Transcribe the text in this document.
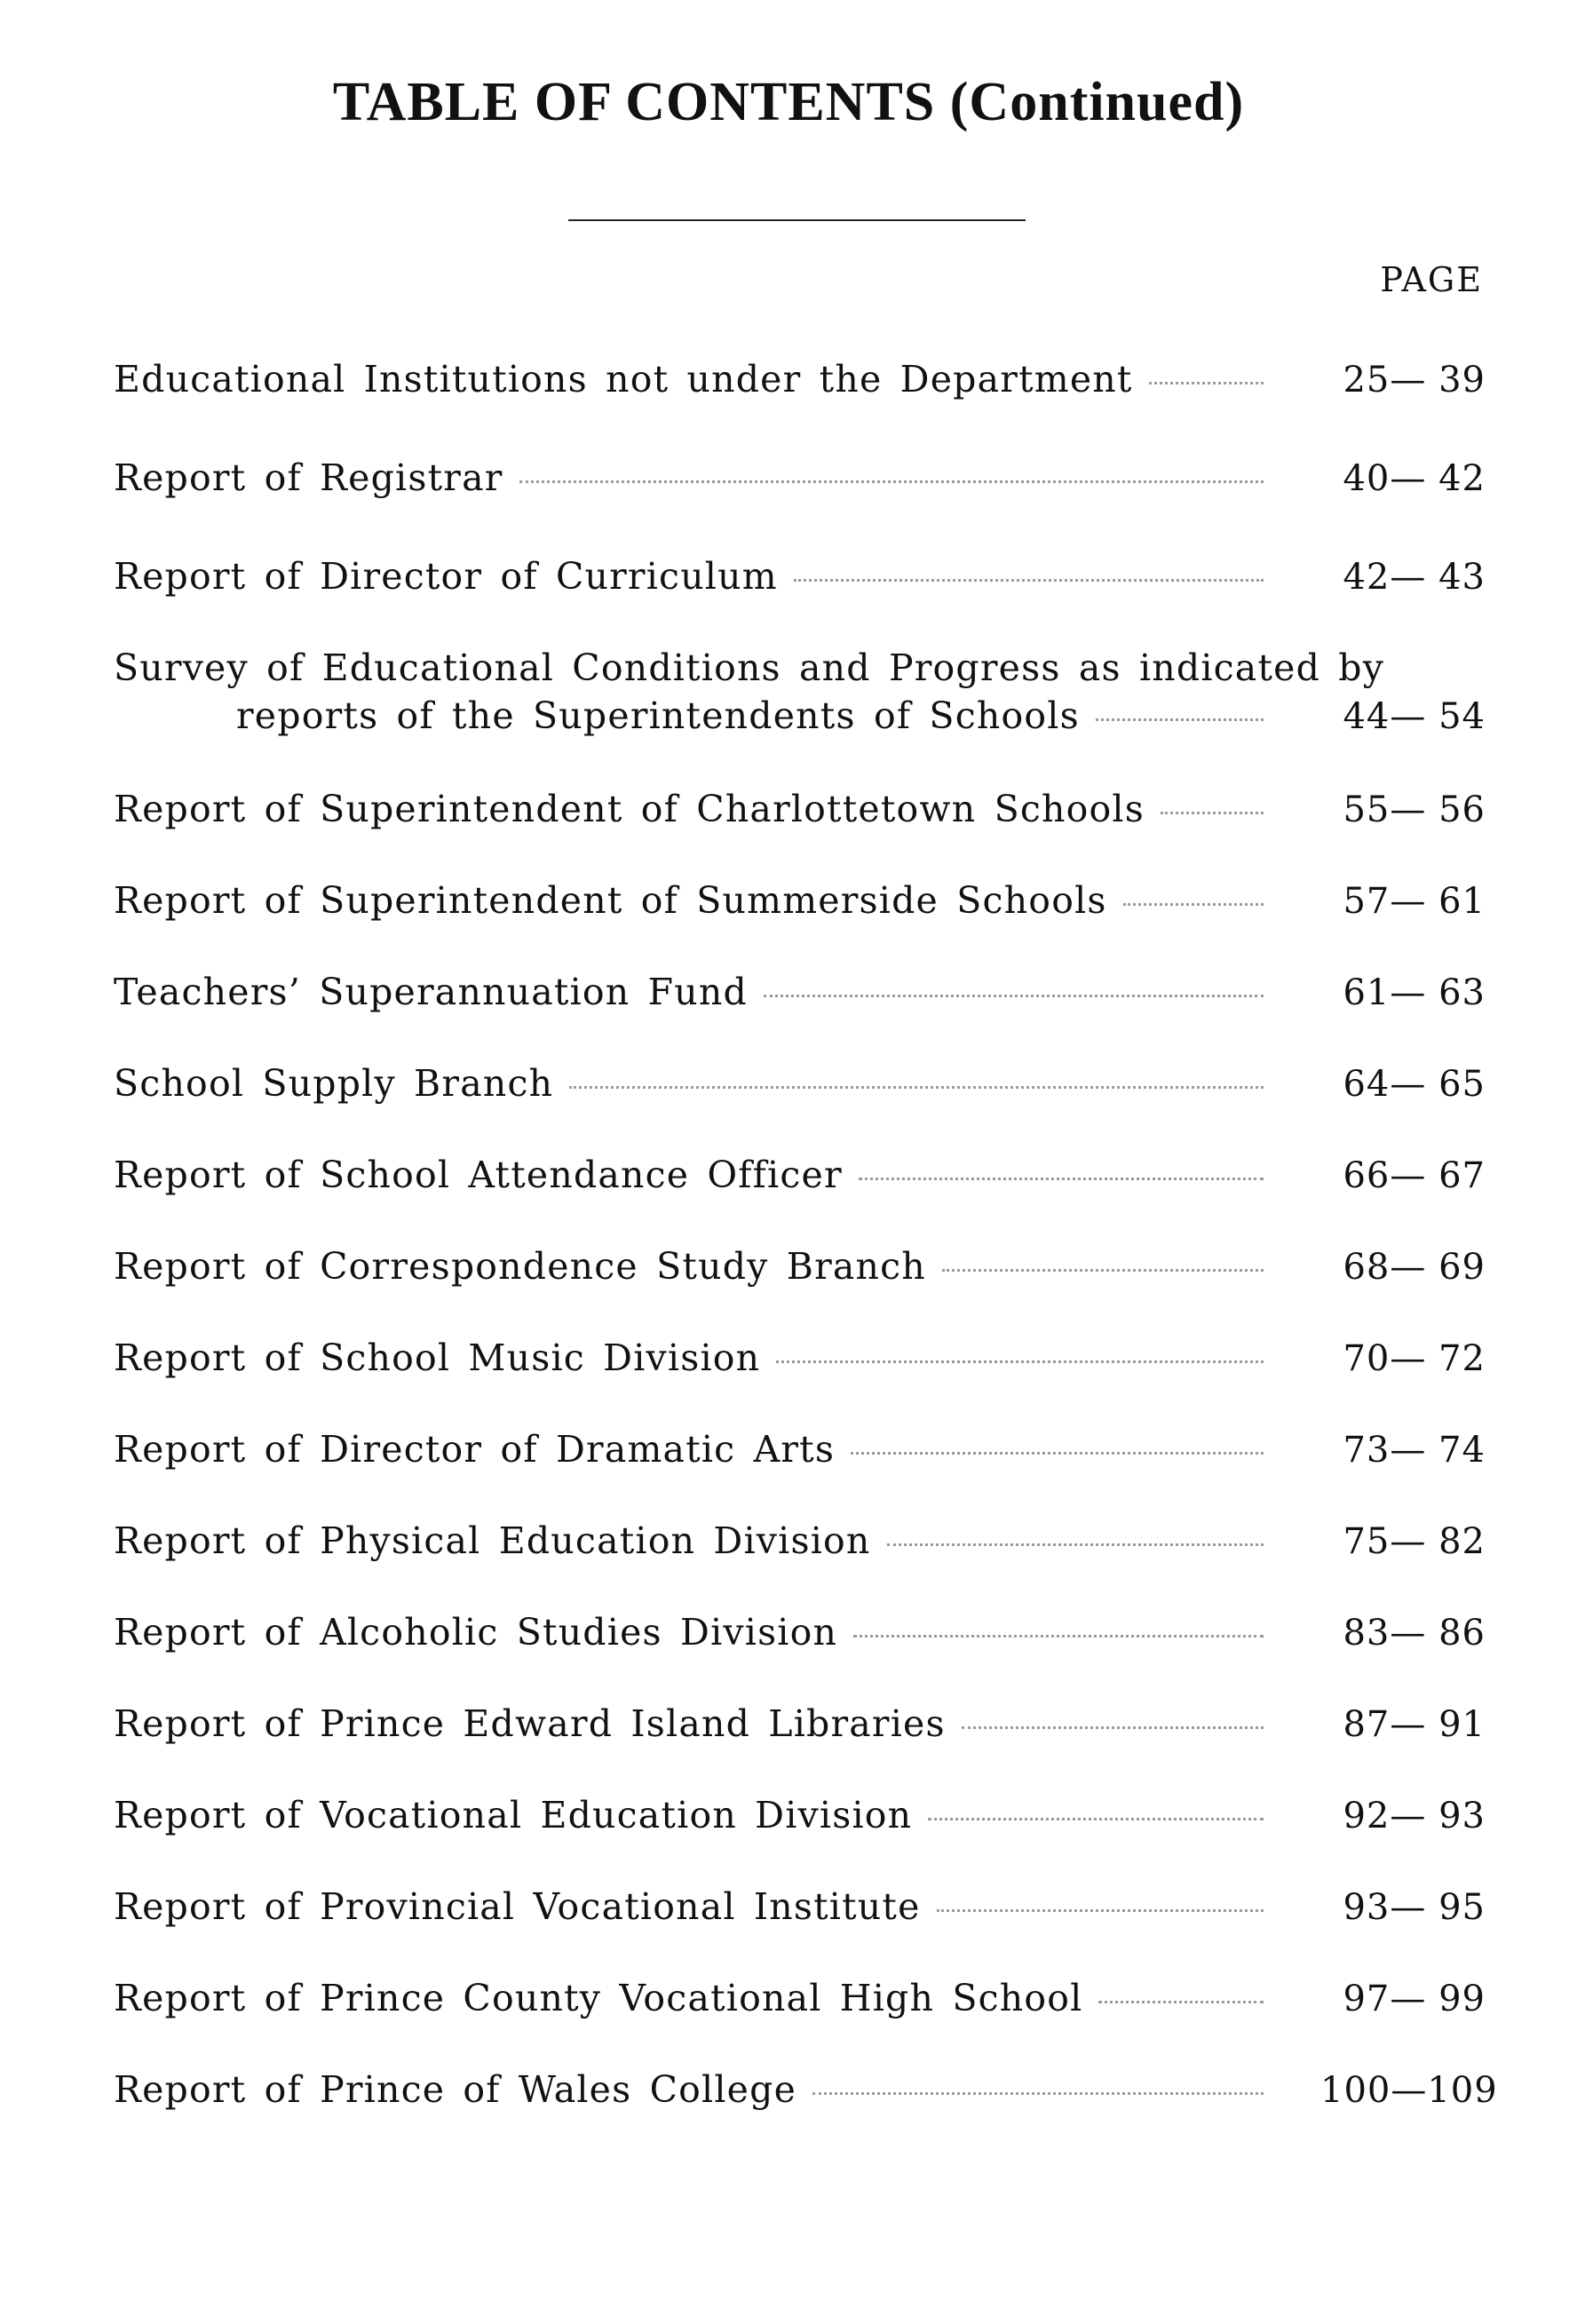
TABLE OF CONTENTS (Continued)
PAGE
Educational Institutions not under the Department	25— 39
Report of Registrar	40— 42
Report of Director of Curriculum	42— 43
Survey of Educational Conditions and Progress as indicated by
reports of the Superintendents of Schools	44— 54
Report of Superintendent of Charlottetown Schools	55— 56
Report of Superintendent of Summerside Schools	57— 61
Teachers’ Superannuation Fund	61— 63
School Supply Branch	64— 65
Report of School Attendance Officer	66— 67
Report of Correspondence Study Branch	68— 69
Report of School Music Division	70— 72
Report of Director of Dramatic Arts	73— 74
Report of Physical Education Division	75— 82
Report of Alcoholic Studies Division	83— 86
Report of Prince Edward Island Libraries	87— 91
Report of Vocational Education Division	92— 93
Report of Provincial Vocational Institute	93— 95
Report of Prince County Vocational High School	97— 99
Report of Prince of Wales College	100—109
